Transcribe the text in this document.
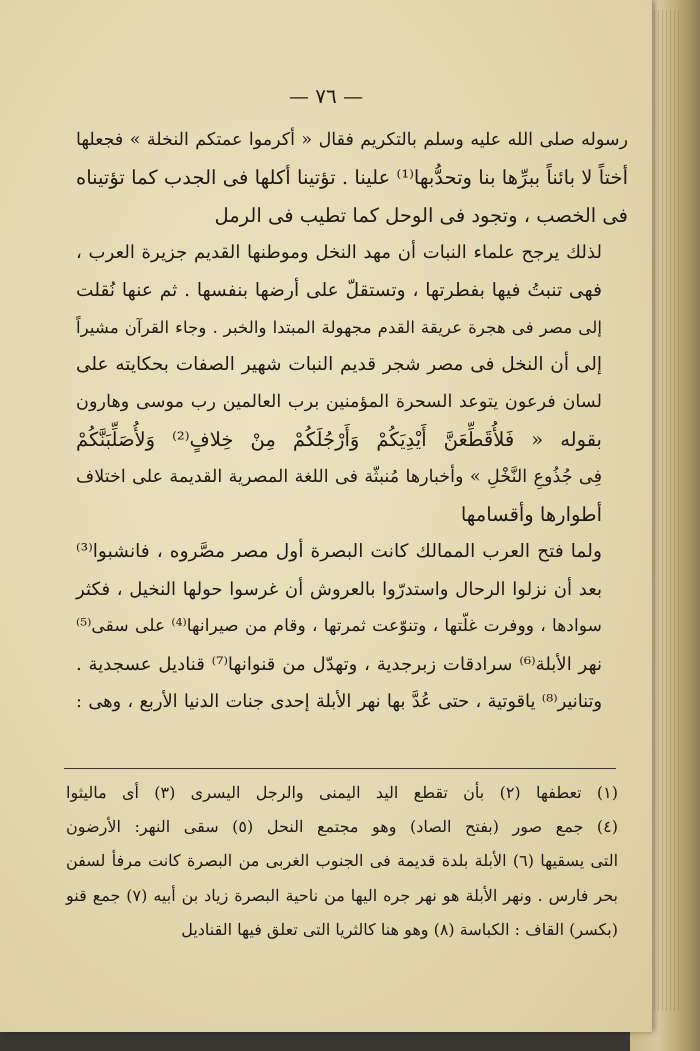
— ٧٦ —

رسوله صلى الله عليه وسلم بالتكريم فقال « أكرموا عمتكم النخلة » فجعلها
أختاً لا بائناً ببرِّها بنا وتحدُّبها⁽¹⁾ علينا . تؤتينا أكلها فى الجدب كما تؤتيناه
فى الخصب ، وتجود فى الوحل كما تطيب فى الرمل

لذلك يرجح علماء النبات أن مهد النخل وموطنها القديم جزيرة العرب ،
فهى تنبتُ فيها بفطرتها ، وتستقلّ على أرضها بنفسها . ثم عنها نُقلت
إلى مصر فى هجرة عريقة القدم مجهولة المبتدا والخبر . وجاء القرآن مشيراً
إلى أن النخل فى مصر شجر قديم النبات شهير الصفات بحكايته على
لسان فرعون يتوعد السحرة المؤمنين برب العالمين رب موسى وهارون
بقوله « فَلأُقَطِّعَنَّ أَيْدِيَكُمْ وَأَرْجُلَكُمْ مِنْ خِلافٍ⁽²⁾ وَلأُصَلِّبَنَّكُمْ
فِى جُذُوعِ النَّخْلِ » وأخبارها مُنبثّة فى اللغة المصرية القديمة على اختلاف
أطوارها وأقسامها

ولما فتح العرب الممالك كانت البصرة أول مصر مصَّروه ، فانشبوا⁽³⁾
بعد أن نزلوا الرحال واستدرّوا بالعروش أن غرسوا حولها النخيل ، فكثر
سوادها ، ووفرت غلّتها ، وتنوّعت ثمرتها ، وقام من صيرانها⁽⁴⁾ على سقى⁽⁵⁾
نهر الأبلة⁽⁶⁾ سرادقات زبرجدية ، وتهدّل من قنوانها⁽⁷⁾ قناديل عسجدية .
وتنانير⁽⁸⁾ ياقوتية ، حتى عُدَّ بها نهر الأبلة إحدى جنات الدنيا الأربع ، وهى :

(١) تعطفها (٢) بأن تقطع اليد اليمنى والرجل اليسرى (٣) أى ماليثوا
(٤) جمع صور (بفتح الصاد) وهو مجتمع النحل (٥) سقى النهر: الأرضون
التى يسقيها (٦) الأبلة بلدة قديمة فى الجنوب الغربى من البصرة كانت مرفأ لسفن
بحر فارس . ونهر الأبلة هو نهر جره اليها من ناحية البصرة زياد بن أبيه (٧) جمع قنو
(بكسر) القاف : الكباسة (٨) وهو هنا كالثريا التى تعلق فيها القناديل
